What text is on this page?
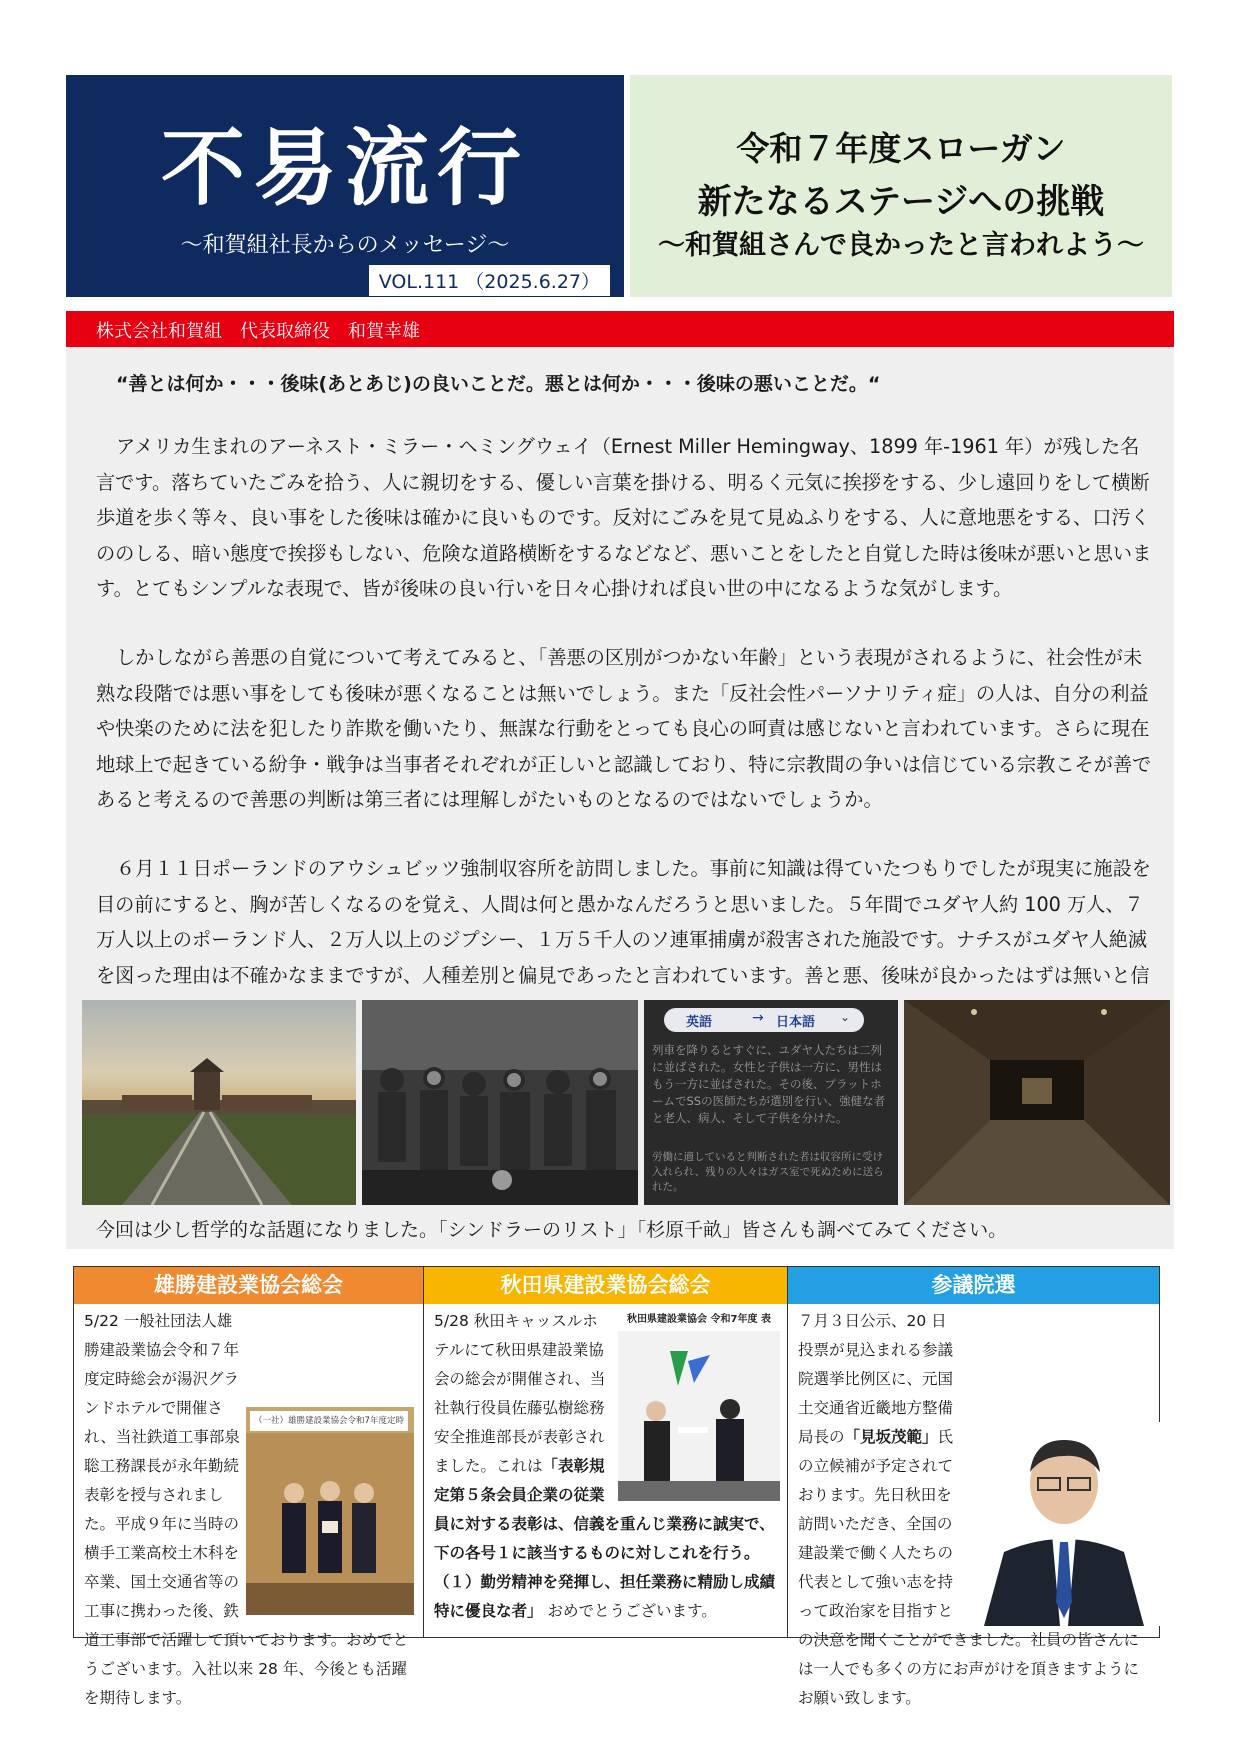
不易流行
〜和賀組社長からのメッセージ〜
VOL.111 （2025.6.27）
令和７年度スローガン
新たなるステージへの挑戦
〜和賀組さんで良かったと言われよう〜
株式会社和賀組　代表取締役　和賀幸雄
“善とは何か・・・後味(あとあじ)の良いことだ。悪とは何か・・・後味の悪いことだ。“
アメリカ生まれのアーネスト・ミラー・ヘミングウェイ（Ernest Miller Hemingway、1899 年-1961 年）が残した名言です。落ちていたごみを拾う、人に親切をする、優しい言葉を掛ける、明るく元気に挨拶をする、少し遠回りをして横断歩道を歩く等々、良い事をした後味は確かに良いものです。反対にごみを見て見ぬふりをする、人に意地悪をする、口汚くののしる、暗い態度で挨拶もしない、危険な道路横断をするなどなど、悪いことをしたと自覚した時は後味が悪いと思います。とてもシンプルな表現で、皆が後味の良い行いを日々心掛ければ良い世の中になるような気がします。
しかしながら善悪の自覚について考えてみると、「善悪の区別がつかない年齢」という表現がされるように、社会性が未熟な段階では悪い事をしても後味が悪くなることは無いでしょう。また「反社会性パーソナリティ症」の人は、自分の利益や快楽のために法を犯したり詐欺を働いたり、無謀な行動をとっても良心の呵責は感じないと言われています。さらに現在地球上で起きている紛争・戦争は当事者それぞれが正しいと認識しており、特に宗教間の争いは信じている宗教こそが善であると考えるので善悪の判断は第三者には理解しがたいものとなるのではないでしょうか。
６月１１日ポーランドのアウシュビッツ強制収容所を訪問しました。事前に知識は得ていたつもりでしたが現実に施設を目の前にすると、胸が苦しくなるのを覚え、人間は何と愚かなんだろうと思いました。５年間でユダヤ人約 100 万人、７万人以上のポーランド人、２万人以上のジプシー、１万５千人のソ連軍捕虜が殺害された施設です。ナチスがユダヤ人絶滅を図った理由は不確かなままですが、人種差別と偏見であったと言われています。善と悪、後味が良かったはずは無いと信
英語	→ 日本語 ⌄
列車を降りるとすぐに、ユダヤ人たちは二列に並ばされた。女性と子供は一方に、男性はもう一方に並ばされた。その後、プラットホームでSSの医師たちが選別を行い、強健な者と老人、病人、そして子供を分けた。
労働に適していると判断された者は収容所に受け入れられ、残りの人々はガス室で死ぬために送られた。
今回は少し哲学的な話題になりました。「シンドラーのリスト」「杉原千畝」皆さんも調べてみてください。
雄勝建設業協会総会
（一社）雄勝建設業協会令和7年度定時
5/22 一般社団法人雄勝建設業協会令和７年度定時総会が湯沢グランドホテルで開催され、当社鉄道工事部泉聡工務課長が永年勤続表彰を授与されました。平成９年に当時の横手工業高校土木科を卒業、国土交通省等の工事に携わった後、鉄道工事部で活躍して頂いております。おめでとうございます。入社以来 28 年、今後とも活躍を期待します。
秋田県建設業協会総会
秋田県建設業協会 令和7年度 表
5/28 秋田キャッスルホテルにて秋田県建設業協会の総会が開催され、当社執行役員佐藤弘樹総務安全推進部長が表彰されました。これは「表彰規定第５条会員企業の従業員に対する表彰は、信義を重んじ業務に誠実で、下の各号１に該当するものに対しこれを行う。（１）勤労精神を発揮し、担任業務に精励し成績特に優良な者」 おめでとうございます。
参議院選
７月３日公示、20 日投票が見込まれる参議院選挙比例区に、元国土交通省近畿地方整備局長の「見坂茂範」氏の立候補が予定されております。先日秋田を訪問いただき、全国の建設業で働く人たちの代表として強い志を持って政治家を目指すとの決意を聞くことができました。社員の皆さんには一人でも多くの方にお声がけを頂きますようにお願い致します。
